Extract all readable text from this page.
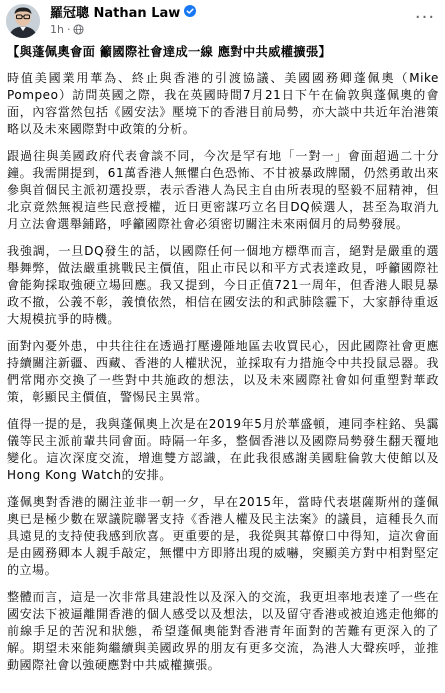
羅冠聰 Nathan Law
1h ·
···
【與蓬佩奧會面 籲國際社會達成一線 應對中共威權擴張】

時值美國業用華為、終止與香港的引渡協議、美國國務卿蓬佩奧（Mike Pompeo）訪問英國之際，我在英國時間7月21日下午在倫敦與蓬佩奧的會面，內容當然包括《國安法》壓境下的香港目前局勢，亦大談中共近年治港策略以及未來國際對中政策的分析。

跟過往與美國政府代表會談不同，今次是罕有地「一對一」會面超過二十分鐘。我需開提到，61萬香港人無懼白色恐怖、不甘被暴政牌鬧，仍然勇敢出來參與首個民主派初選投票，表示香港人為民主自由所表現的堅毅不屈精神，但北京竟然無視這些民意授權，近日更密謀巧立名目DQ候選人，甚至為取消九月立法會選舉鋪路，呼籲國際社會必須密切關注未來兩個月的局勢發展。

我強調，一旦DQ發生的話，以國際任何一個地方標準而言，絕對是嚴重的選舉舞弊，做法嚴重挑戰民主價值，阻止市民以和平方式表達政見，呼籲國際社會能夠採取強硬立場回應。我又提到，今日正值721一周年，但香港人眼見暴政不撤，公義不彰，義憤依然，相信在國安法的和武肺陰霾下，大家靜待重返大規模抗爭的時機。

面對內憂外患，中共往往在透過打壓邊陲地區去收買民心，因此國際社會更應持續關注新疆、西藏、香港的人權狀況，並採取有力措施令中共投鼠忌器。我們常聞亦交換了一些對中共施政的想法，以及未來國際社會如何重塑對華政策，彰顯民主價值，警惕民主異常。

值得一提的是，我與蓬佩奧上次是在2019年5月於華盛頓，連同李柱銘、吳靄儀等民主派前輩共同會面。時隔一年多，整個香港以及國際局勢發生翻天覆地變化。這次深度交流，增進雙方認識，在此我很感謝美國駐倫敦大使館以及Hong Kong Watch的安排。

蓬佩奧對香港的關注並非一朝一夕，早在2015年，當時代表堪薩斯州的蓬佩奧已是極少數在眾議院聯署支持《香港人權及民主法案》的議員，這種長久而具遠見的支持使我感到欣喜。更重要的是，我從與其幕僚口中得知，這次會面是由國務卿本人親手敲定，無懼中方即將出現的威嚇，突顯美方對中相對堅定的立場。

整體而言，這是一次非常具建設性以及深入的交流，我更坦率地表達了一些在國安法下被逼離開香港的個人感受以及想法，以及留守香港或被迫逃走他鄉的前線手足的苦況和狀態，希望蓬佩奧能對香港青年面對的苦難有更深入的了解。期望未來能夠繼續與美國政界的朋友有更多交流，為港人大聲疾呼，並推動國際社會以強硬應對中共威權擴張。
